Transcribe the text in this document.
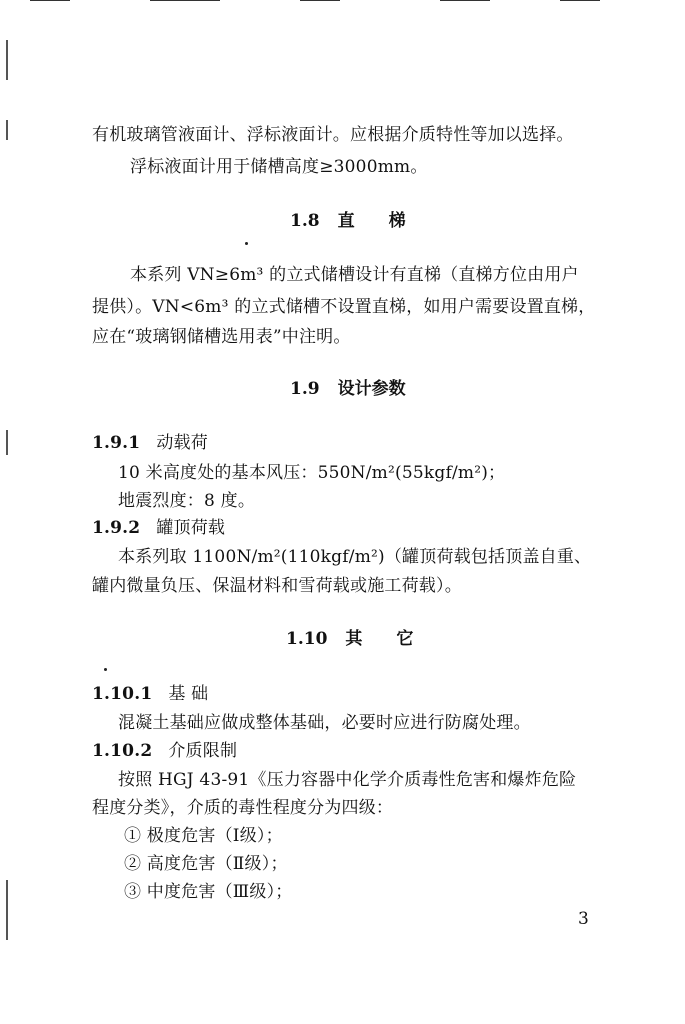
有机玻璃管液面计、浮标液面计。应根据介质特性等加以选择。
浮标液面计用于储槽高度≥3000mm。
1.8 直 梯
本系列 VN≥6m³ 的立式储槽设计有直梯（直梯方位由用户
提供）。VN<6m³ 的立式储槽不设置直梯，如用户需要设置直梯，
应在“玻璃钢储槽选用表”中注明。
1.9 设计参数
1.9.1 动载荷
10 米高度处的基本风压：550N/m²(55kgf/m²)；
地震烈度：8 度。
1.9.2 罐顶荷载
本系列取 1100N/m²(110kgf/m²)（罐顶荷载包括顶盖自重、
罐内微量负压、保温材料和雪荷载或施工荷载）。
1.10 其 它
1.10.1 基 础
混凝土基础应做成整体基础，必要时应进行防腐处理。
1.10.2 介质限制
按照 HGJ 43-91《压力容器中化学介质毒性危害和爆炸危险
程度分类》，介质的毒性程度分为四级：
① 极度危害（Ⅰ级）；
② 高度危害（Ⅱ级）；
③ 中度危害（Ⅲ级）；
3
